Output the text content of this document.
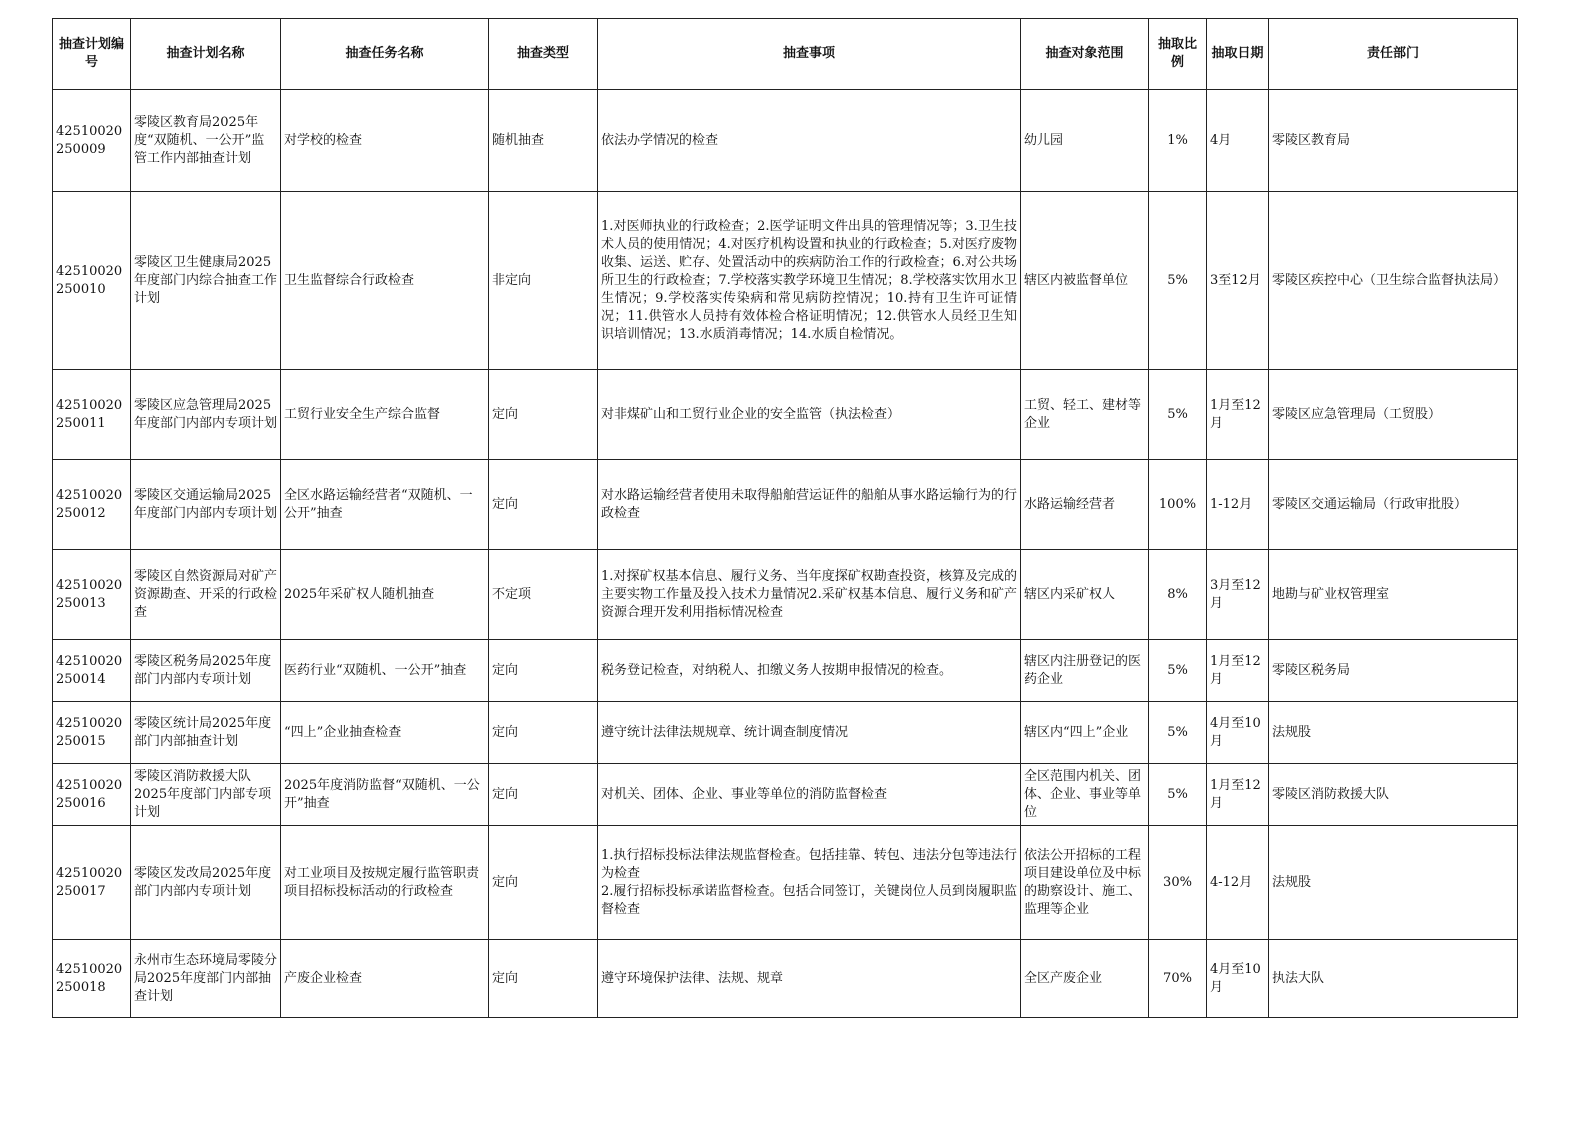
抽查计划编号	抽查计划名称	抽查任务名称	抽查类型	抽查事项	抽查对象范围	抽取比例	抽取日期	责任部门
42510020250009	零陵区教育局2025年度“双随机、一公开”监管工作内部抽查计划	对学校的检查	随机抽查	依法办学情况的检查	幼儿园	1%	4月	零陵区教育局
42510020250010	零陵区卫生健康局2025年度部门内综合抽查工作计划	卫生监督综合行政检查	非定向	1.对医师执业的行政检查；2.医学证明文件出具的管理情况等；3.卫生技术人员的使用情况；4.对医疗机构设置和执业的行政检查；5.对医疗废物收集、运送、贮存、处置活动中的疾病防治工作的行政检查；6.对公共场所卫生的行政检查；7.学校落实教学环境卫生情况；8.学校落实饮用水卫生情况；9.学校落实传染病和常见病防控情况；10.持有卫生许可证情况；11.供管水人员持有效体检合格证明情况；12.供管水人员经卫生知识培训情况；13.水质消毒情况；14.水质自检情况。	辖区内被监督单位	5%	3至12月	零陵区疾控中心（卫生综合监督执法局）
42510020250011	零陵区应急管理局2025年度部门内部内专项计划	工贸行业安全生产综合监督	定向	对非煤矿山和工贸行业企业的安全监管（执法检查）	工贸、轻工、建材等企业	5%	1月至12月	零陵区应急管理局（工贸股）
42510020250012	零陵区交通运输局2025年度部门内部内专项计划	全区水路运输经营者“双随机、一公开”抽查	定向	对水路运输经营者使用未取得船舶营运证件的船舶从事水路运输行为的行政检查	水路运输经营者	100%	1-12月	零陵区交通运输局（行政审批股）
42510020250013	零陵区自然资源局对矿产资源勘查、开采的行政检查	2025年采矿权人随机抽查	不定项	1.对探矿权基本信息、履行义务、当年度探矿权勘查投资，核算及完成的主要实物工作量及投入技术力量情况2.采矿权基本信息、履行义务和矿产资源合理开发利用指标情况检查	辖区内采矿权人	8%	3月至12月	地勘与矿业权管理室
42510020250014	零陵区税务局2025年度部门内部内专项计划	医药行业“双随机、一公开”抽查	定向	税务登记检查，对纳税人、扣缴义务人按期申报情况的检查。	辖区内注册登记的医药企业	5%	1月至12月	零陵区税务局
42510020250015	零陵区统计局2025年度部门内部抽查计划	“四上”企业抽查检查	定向	遵守统计法律法规规章、统计调查制度情况	辖区内“四上”企业	5%	4月至10月	法规股
42510020250016	零陵区消防救援大队2025年度部门内部专项计划	2025年度消防监督“双随机、一公开”抽查	定向	对机关、团体、企业、事业等单位的消防监督检查	全区范围内机关、团体、企业、事业等单位	5%	1月至12月	零陵区消防救援大队
42510020250017	零陵区发改局2025年度部门内部内专项计划	对工业项目及按规定履行监管职责项目招标投标活动的行政检查	定向	1.执行招标投标法律法规监督检查。包括挂靠、转包、违法分包等违法行为检查
2.履行招标投标承诺监督检查。包括合同签订，关键岗位人员到岗履职监督检查	依法公开招标的工程项目建设单位及中标的勘察设计、施工、监理等企业	30%	4-12月	法规股
42510020250018	永州市生态环境局零陵分局2025年度部门内部抽查计划	产废企业检查	定向	遵守环境保护法律、法规、规章	全区产废企业	70%	4月至10月	执法大队
